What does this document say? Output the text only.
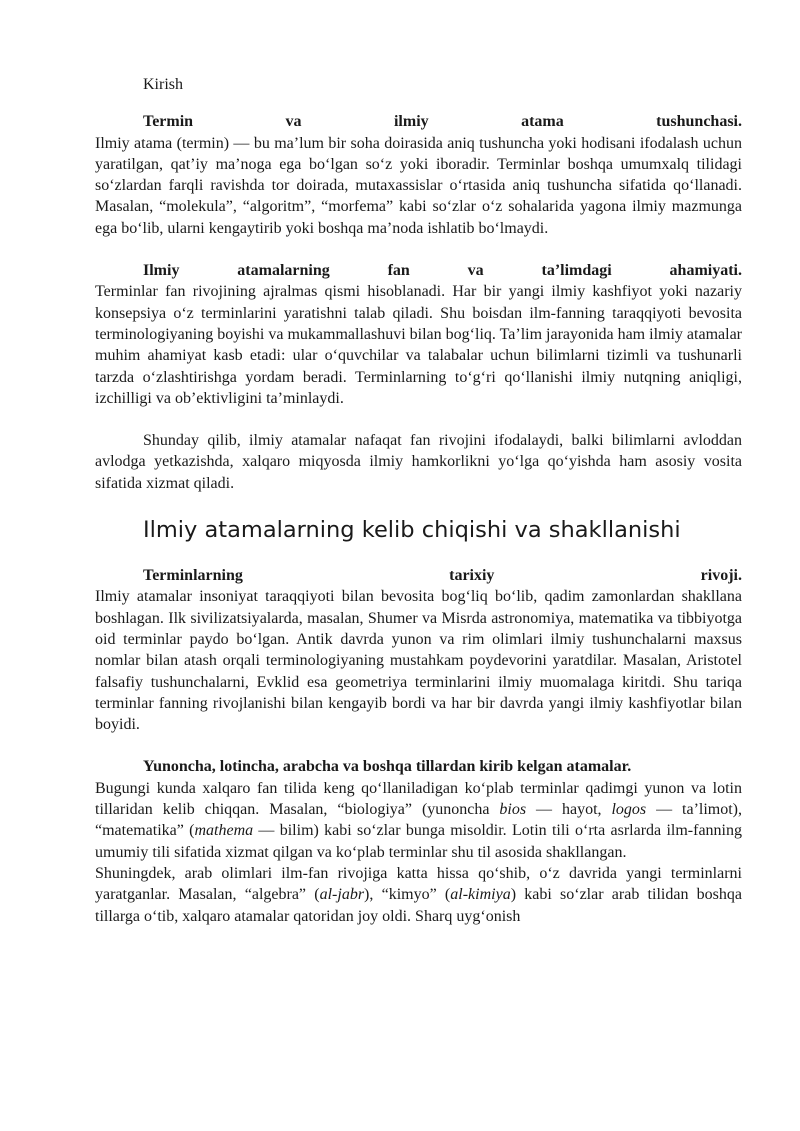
Kirish

Termin va ilmiy atama tushunchasi.
Ilmiy atama (termin) — bu ma’lum bir soha doirasida aniq tushuncha yoki hodisani ifodalash uchun yaratilgan, qat’iy ma’noga ega bo‘lgan so‘z yoki iboradir. Terminlar boshqa umumxalq tilidagi so‘zlardan farqli ravishda tor doirada, mutaxassislar o‘rtasida aniq tushuncha sifatida qo‘llanadi. Masalan, “molekula”, “algoritm”, “morfema” kabi so‘zlar o‘z sohalarida yagona ilmiy mazmunga ega bo‘lib, ularni kengaytirib yoki boshqa ma’noda ishlatib bo‘lmaydi.
Ilmiy atamalarning fan va ta’limdagi ahamiyati.
Terminlar fan rivojining ajralmas qismi hisoblanadi. Har bir yangi ilmiy kashfiyot yoki nazariy konsepsiya o‘z terminlarini yaratishni talab qiladi. Shu boisdan ilm-fanning taraqqiyoti bevosita terminologiyaning boyishi va mukammallashuvi bilan bog‘liq. Ta’lim jarayonida ham ilmiy atamalar muhim ahamiyat kasb etadi: ular o‘quvchilar va talabalar uchun bilimlarni tizimli va tushunarli tarzda o‘zlashtirishga yordam beradi. Terminlarning to‘g‘ri qo‘llanishi ilmiy nutqning aniqligi, izchilligi va ob’ektivligini ta’minlaydi.

Shunday qilib, ilmiy atamalar nafaqat fan rivojini ifodalaydi, balki bilimlarni avloddan avlodga yetkazishda, xalqaro miqyosda ilmiy hamkorlikni yo‘lga qo‘yishda ham asosiy vosita sifatida xizmat qiladi.

Ilmiy atamalarning kelib chiqishi va shakllanishi
Terminlarning tarixiy rivoji.
Ilmiy atamalar insoniyat taraqqiyoti bilan bevosita bog‘liq bo‘lib, qadim zamonlardan shakllana boshlagan. Ilk sivilizatsiyalarda, masalan, Shumer va Misrda astronomiya, matematika va tibbiyotga oid terminlar paydo bo‘lgan. Antik davrda yunon va rim olimlari ilmiy tushunchalarni maxsus nomlar bilan atash orqali terminologiyaning mustahkam poydevorini yaratdilar. Masalan, Aristotel falsafiy tushunchalarni, Evklid esa geometriya terminlarini ilmiy muomalaga kiritdi. Shu tariqa terminlar fanning rivojlanishi bilan kengayib bordi va har bir davrda yangi ilmiy kashfiyotlar bilan boyidi.
Yunoncha, lotincha, arabcha va boshqa tillardan kirib kelgan atamalar.
Bugungi kunda xalqaro fan tilida keng qo‘llaniladigan ko‘plab terminlar qadimgi yunon va lotin tillaridan kelib chiqqan. Masalan, “biologiya” (yunoncha bios — hayot, logos — ta’limot), “matematika” (mathema — bilim) kabi so‘zlar bunga misoldir. Lotin tili o‘rta asrlarda ilm-fanning umumiy tili sifatida xizmat qilgan va ko‘plab terminlar shu til asosida shakllangan.
Shuningdek, arab olimlari ilm-fan rivojiga katta hissa qo‘shib, o‘z davrida yangi terminlarni yaratganlar. Masalan, “algebra” (al-jabr), “kimyo” (al-kimiya) kabi so‘zlar arab tilidan boshqa tillarga o‘tib, xalqaro atamalar qatoridan joy oldi. Sharq uyg‘onish
